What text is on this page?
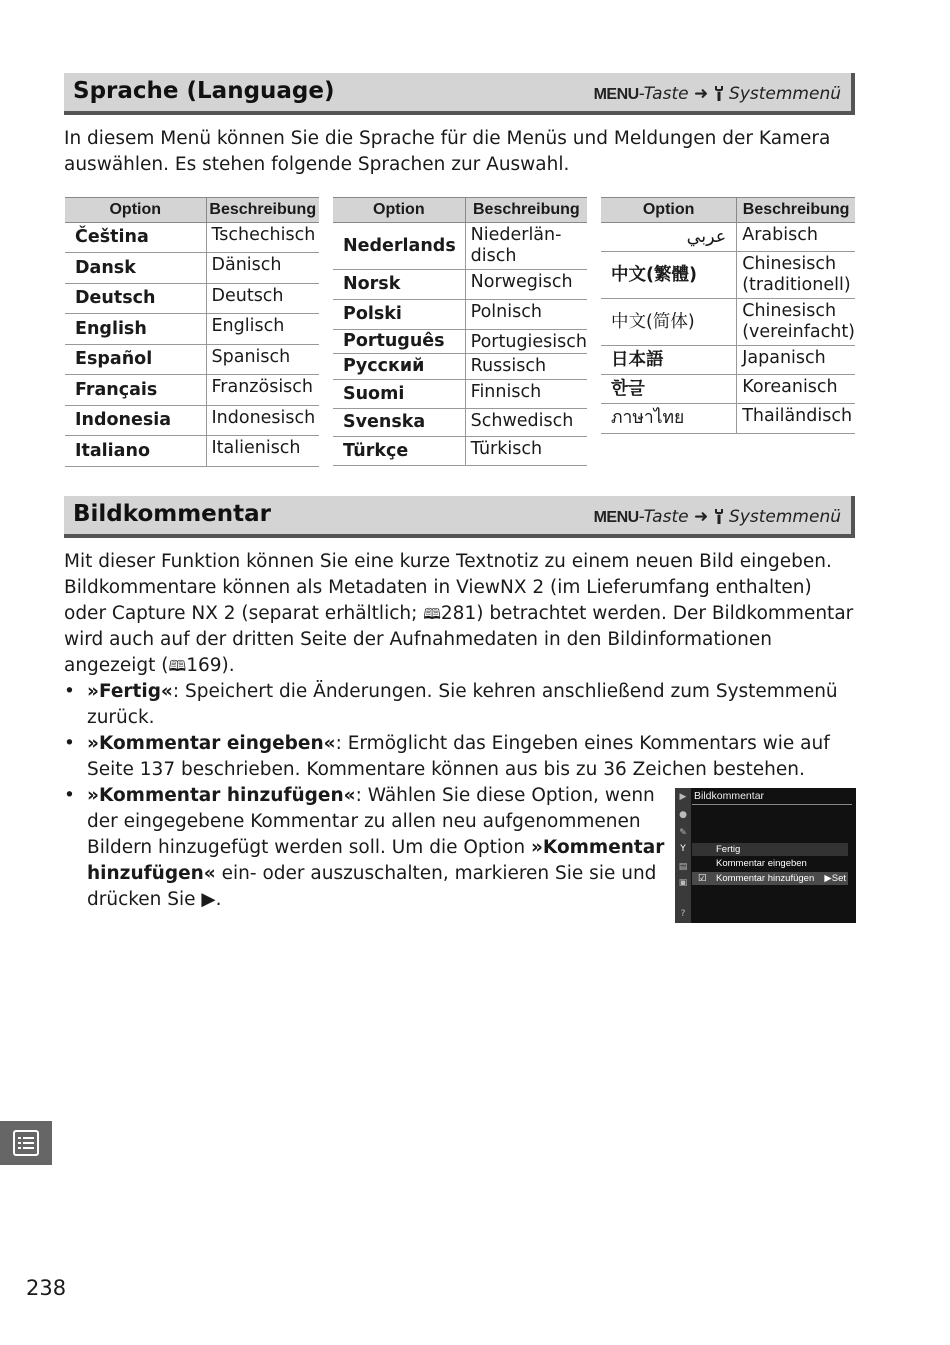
Sprache (Language)	MENU-Taste ➜  Systemmenü
In diesem Menü können Sie die Sprache für die Menüs und Meldungen der Kamera auswählen. Es stehen folgende Sprachen zur Auswahl.
Option	Beschreibung
Čeština	Tschechisch
Dansk	Dänisch
Deutsch	Deutsch
English	Englisch
Español	Spanisch
Français	Französisch
Indonesia	Indonesisch
Italiano	Italienisch
Option	Beschreibung
Nederlands	Niederlän-disch
Norsk	Norwegisch
Polski	Polnisch
Português	Portugiesisch
Русский	Russisch
Suomi	Finnisch
Svenska	Schwedisch
Türkçe	Türkisch
Option	Beschreibung
عربي	Arabisch
中文(繁體)	Chinesisch (traditionell)
中文(简体)	Chinesisch (vereinfacht)
日本語	Japanisch
한글	Koreanisch
ภาษาไทย	Thailändisch
Bildkommentar	MENU-Taste ➜  Systemmenü
Mit dieser Funktion können Sie eine kurze Textnotiz zu einem neuen Bild eingeben. Bildkommentare können als Metadaten in ViewNX 2 (im Lieferumfang enthalten) oder Capture NX 2 (separat erhältlich; 🕮281) betrachtet werden. Der Bildkommentar wird auch auf der dritten Seite der Aufnahmedaten in den Bildinformationen angezeigt (🕮169).
• »Fertig«: Speichert die Änderungen. Sie kehren anschließend zum Systemmenü zurück.
• »Kommentar eingeben«: Ermöglicht das Eingeben eines Kommentars wie auf Seite 137 beschrieben. Kommentare können aus bis zu 36 Zeichen bestehen.
• »Kommentar hinzufügen«: Wählen Sie diese Option, wenn der eingegebene Kommentar zu allen neu aufgenommenen Bildern hinzugefügt werden soll. Um die Option »Kommentar hinzufügen« ein- oder auszuschalten, markieren Sie sie und drücken Sie ▶.
▶
●
✎
Y
▤
▣
?
Bildkommentar
Fertig
Kommentar eingeben
☑ Kommentar hinzufügen ▶Set
238
